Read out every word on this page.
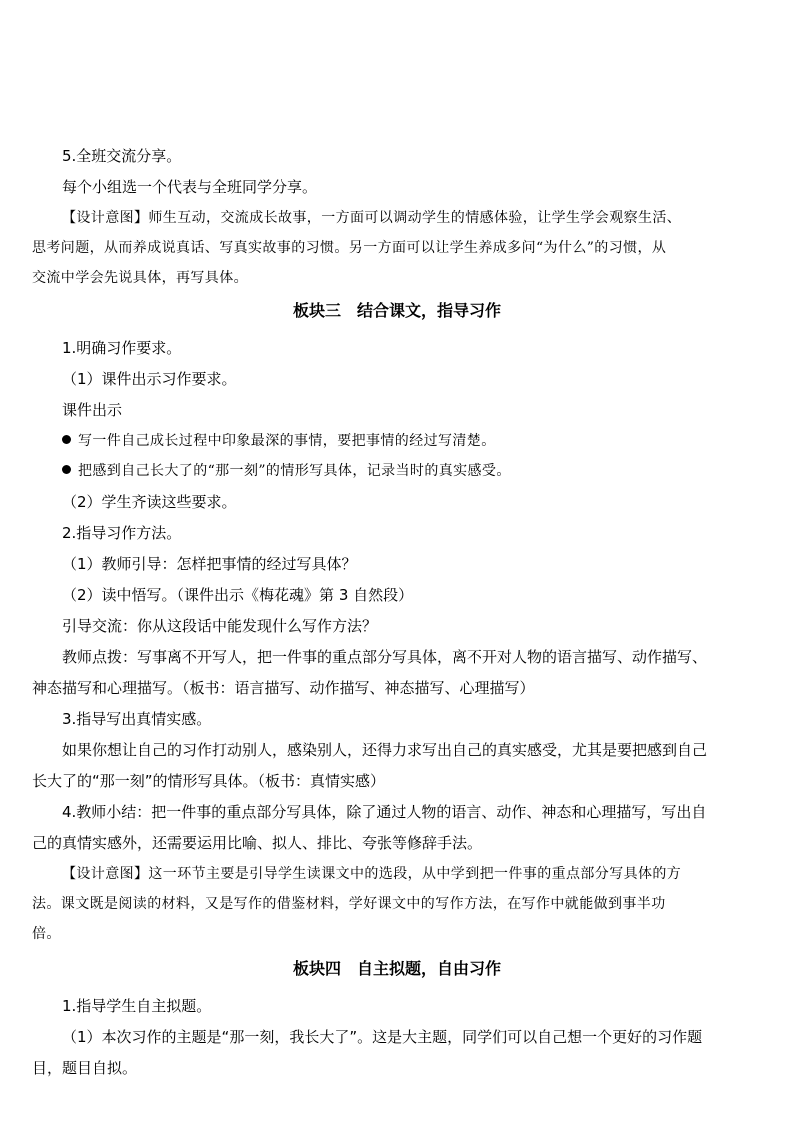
5.全班交流分享。
每个小组选一个代表与全班同学分享。
【设计意图】师生互动，交流成长故事，一方面可以调动学生的情感体验，让学生学会观察生活、
思考问题，从而养成说真话、写真实故事的习惯。另一方面可以让学生养成多问“为什么”的习惯，从
交流中学会先说具体，再写具体。
板块三　结合课文，指导习作
1.明确习作要求。
（1）课件出示习作要求。
课件出示
写一件自己成长过程中印象最深的事情，要把事情的经过写清楚。
把感到自己长大了的“那一刻”的情形写具体，记录当时的真实感受。
（2）学生齐读这些要求。
2.指导习作方法。
（1）教师引导：怎样把事情的经过写具体？
（2）读中悟写。（课件出示《梅花魂》第 3 自然段）
引导交流：你从这段话中能发现什么写作方法？
教师点拨：写事离不开写人，把一件事的重点部分写具体，离不开对人物的语言描写、动作描写、
神态描写和心理描写。（板书：语言描写、动作描写、神态描写、心理描写）
3.指导写出真情实感。
如果你想让自己的习作打动别人，感染别人，还得力求写出自己的真实感受，尤其是要把感到自己
长大了的“那一刻”的情形写具体。（板书：真情实感）
4.教师小结：把一件事的重点部分写具体，除了通过人物的语言、动作、神态和心理描写，写出自
己的真情实感外，还需要运用比喻、拟人、排比、夸张等修辞手法。
【设计意图】这一环节主要是引导学生读课文中的选段，从中学到把一件事的重点部分写具体的方
法。课文既是阅读的材料，又是写作的借鉴材料，学好课文中的写作方法，在写作中就能做到事半功
倍。
板块四　自主拟题，自由习作
1.指导学生自主拟题。
（1）本次习作的主题是“那一刻，我长大了”。这是大主题，同学们可以自己想一个更好的习作题
目，题目自拟。
